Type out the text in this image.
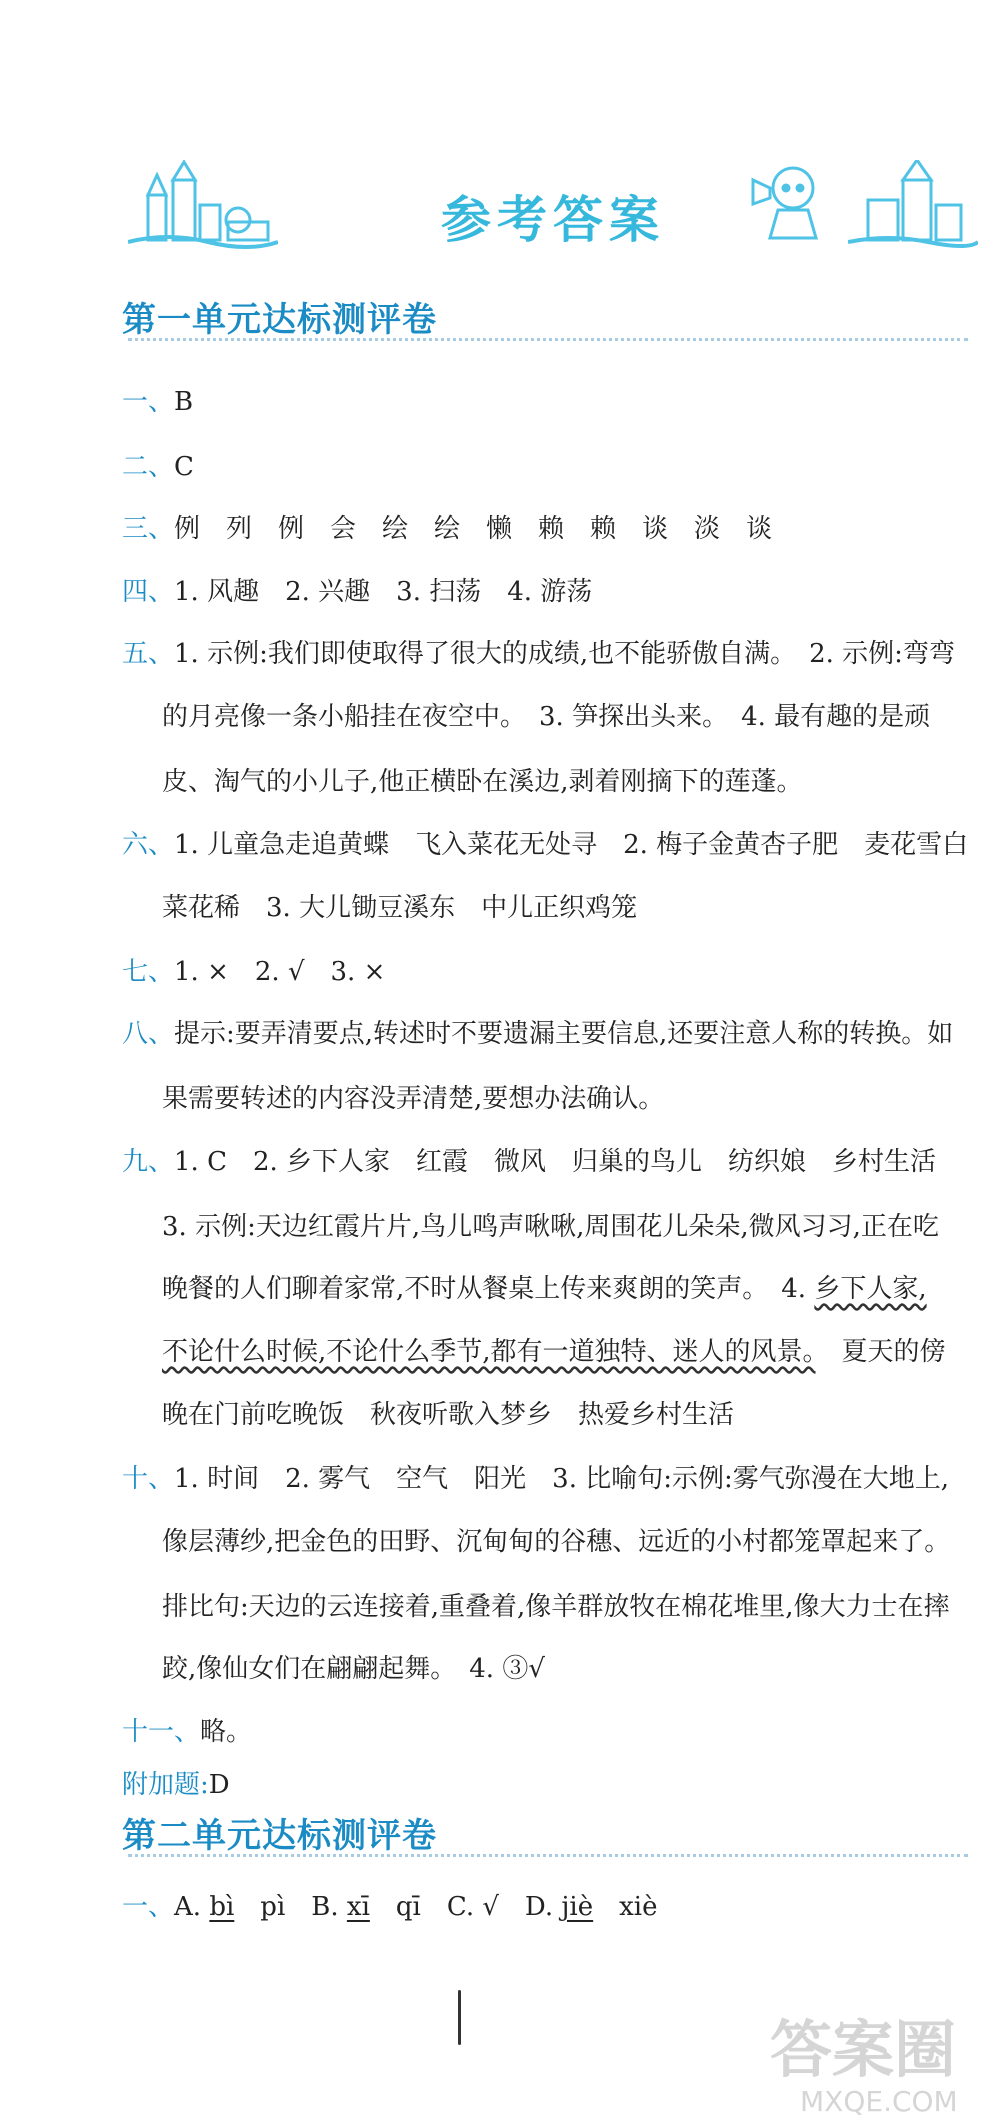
参考答案
第一单元达标测评卷
一、B
二、C
三、例　列　例　会　绘　绘　懒　赖　赖　谈　淡　谈
四、1. 风趣　2. 兴趣　3. 扫荡　4. 游荡
五、1. 示例:我们即使取得了很大的成绩,也不能骄傲自满。　2. 示例:弯弯
的月亮像一条小船挂在夜空中。　3. 笋探出头来。　4. 最有趣的是顽
皮、淘气的小儿子,他正横卧在溪边,剥着刚摘下的莲蓬。
六、1. 儿童急走追黄蝶　飞入菜花无处寻　2. 梅子金黄杏子肥　麦花雪白
菜花稀　3. 大儿锄豆溪东　中儿正织鸡笼
七、1. ×　2. √　3. ×
八、提示:要弄清要点,转述时不要遗漏主要信息,还要注意人称的转换。如
果需要转述的内容没弄清楚,要想办法确认。
九、1. C　2. 乡下人家　红霞　微风　归巢的鸟儿　纺织娘　乡村生活
3. 示例:天边红霞片片,鸟儿鸣声啾啾,周围花儿朵朵,微风习习,正在吃
晚餐的人们聊着家常,不时从餐桌上传来爽朗的笑声。　4. 乡下人家,
不论什么时候,不论什么季节,都有一道独特、迷人的风景。　夏天的傍
晚在门前吃晚饭　秋夜听歌入梦乡　热爱乡村生活
十、1. 时间　2. 雾气　空气　阳光　3. 比喻句:示例:雾气弥漫在大地上,
像层薄纱,把金色的田野、沉甸甸的谷穗、远近的小村都笼罩起来了。
排比句:天边的云连接着,重叠着,像羊群放牧在棉花堆里,像大力士在摔
跤,像仙女们在翩翩起舞。　4. ③√
十一、略。
附加题:D
第二单元达标测评卷
一、A. bì　pì　B. xī　qī　C. √　D. jiè　xiè
答案圈
MXQE.COM
